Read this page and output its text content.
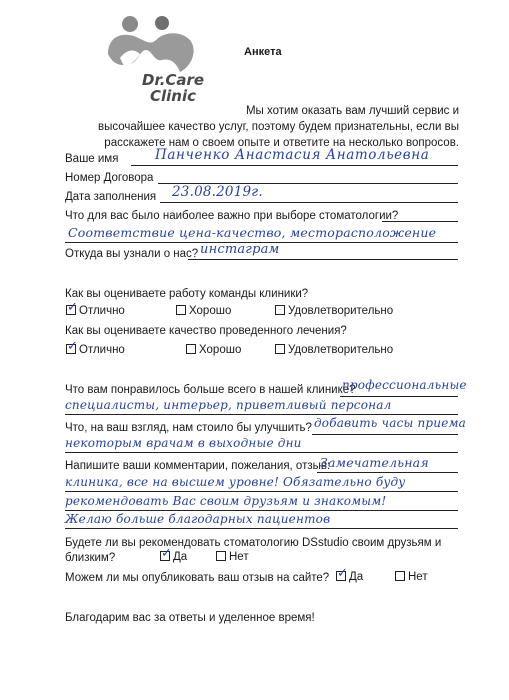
Dr.Care
Clinic
Анкета
Мы хотим оказать вам лучший сервис и
высочайшее качество услуг, поэтому будем признательны, если вы
расскажете нам о своем опыте и ответите на несколько вопросов.
Ваше имя	Панченко Анастасия Анатольевна
Номер Договора
Дата заполнения 23.08.2019г.
Что для вас было наиболее важно при выборе стоматологии?
Соответствие цена-качество, месторасположение
Откуда вы узнали о нас? инстаграм
Как вы оцениваете работу команды клиники?
✓ Отлично	Хорошо	Удовлетворительно
Как вы оцениваете качество проведенного лечения?
✓ Отлично	Хорошо	Удовлетворительно
Что вам понравилось больше всего в нашей клинике?
профессиональные
специалисты, интерьер, приветливый персонал
Что, на ваш взгляд, нам стоило бы улучшить? добавить часы приема
некоторым врачам в выходные дни
Напишите ваши комментарии, пожелания, отзыв:
Замечательная
клиника, все на высшем уровне! Обязательно буду
рекомендовать Вас своим друзьям и знакомым!
Желаю больше благодарных пациентов
Будете ли вы рекомендовать стоматологию DSstudio своим друзьям и
близким?	✓ Да	Нет
Можем ли мы опубликовать ваш отзыв на сайте? ✓ Да	Нет
Благодарим вас за ответы и уделенное время!
